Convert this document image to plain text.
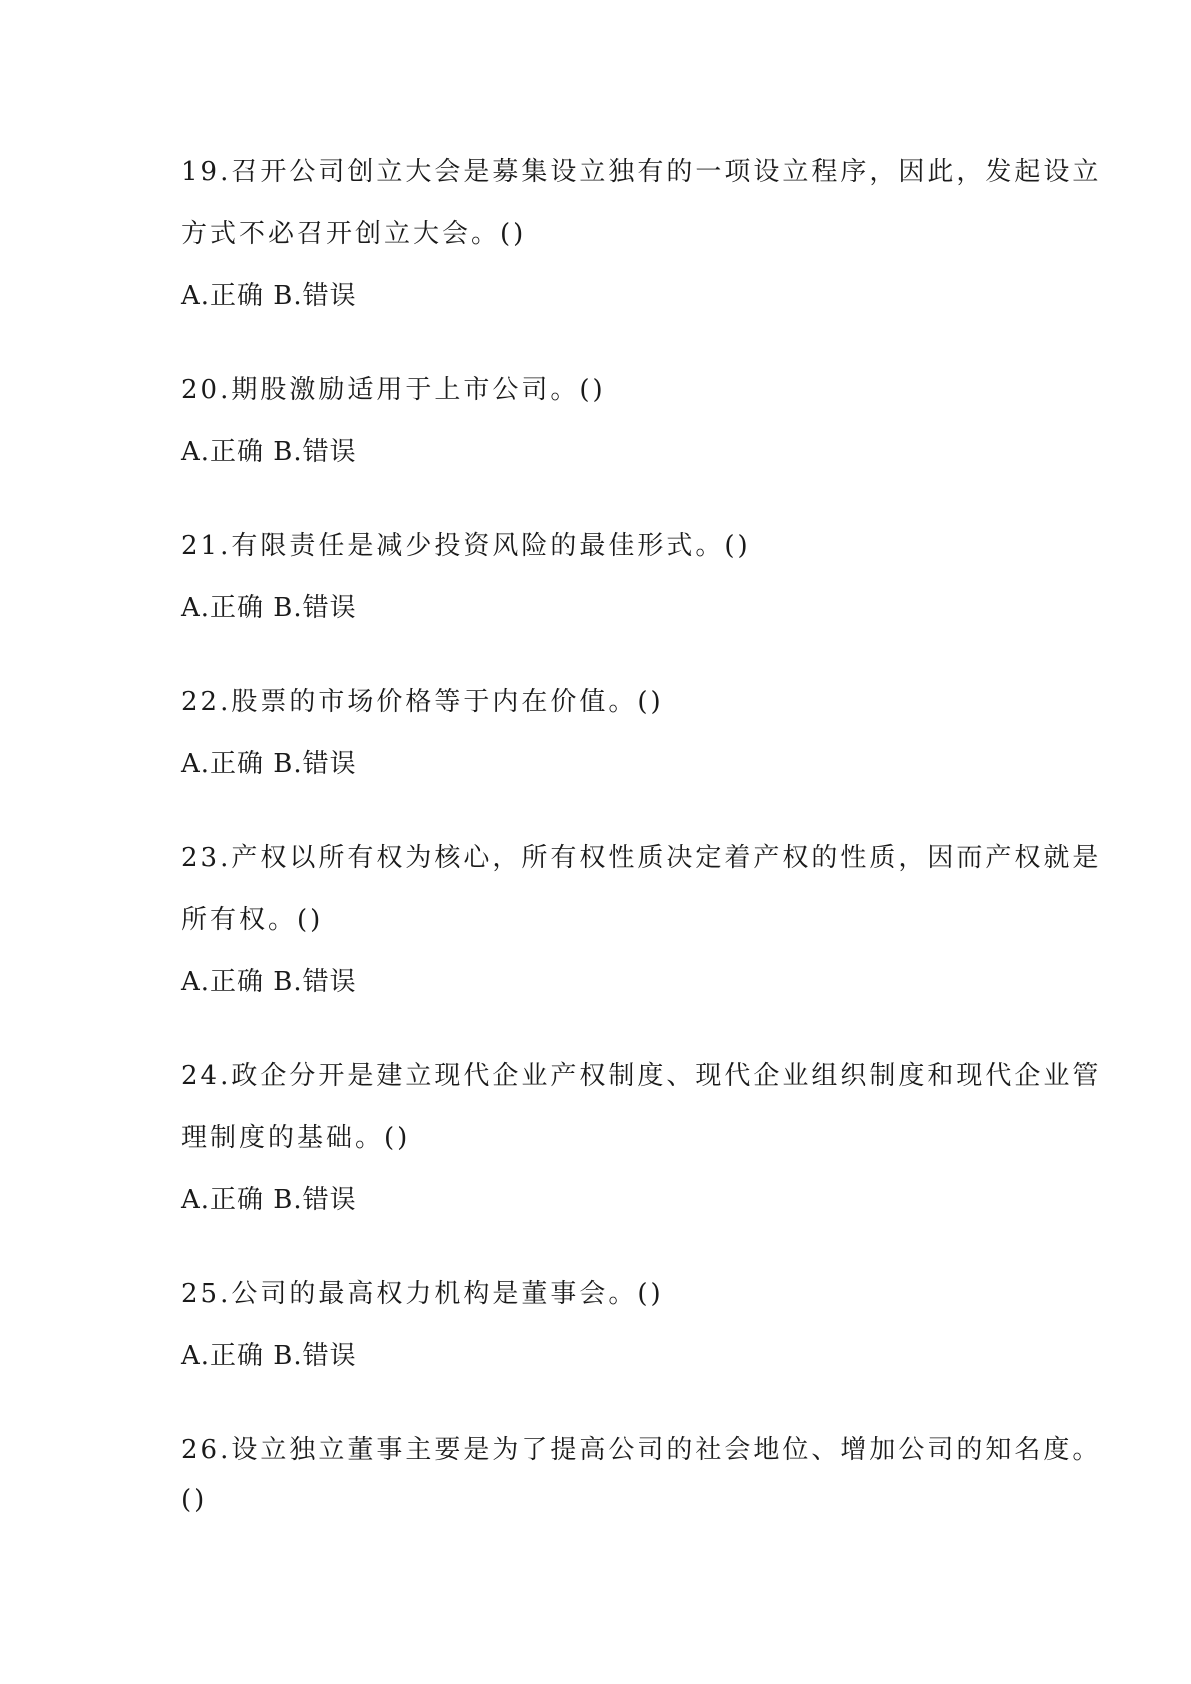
19.召开公司创立大会是募集设立独有的一项设立程序，因此，发起设立
方式不必召开创立大会。()
A.正确 B.错误
20.期股激励适用于上市公司。()
A.正确 B.错误
21.有限责任是减少投资风险的最佳形式。()
A.正确 B.错误
22.股票的市场价格等于内在价值。()
A.正确 B.错误
23.产权以所有权为核心，所有权性质决定着产权的性质，因而产权就是
所有权。()
A.正确 B.错误
24.政企分开是建立现代企业产权制度、现代企业组织制度和现代企业管
理制度的基础。()
A.正确 B.错误
25.公司的最高权力机构是董事会。()
A.正确 B.错误
26.设立独立董事主要是为了提高公司的社会地位、增加公司的知名度。
()
